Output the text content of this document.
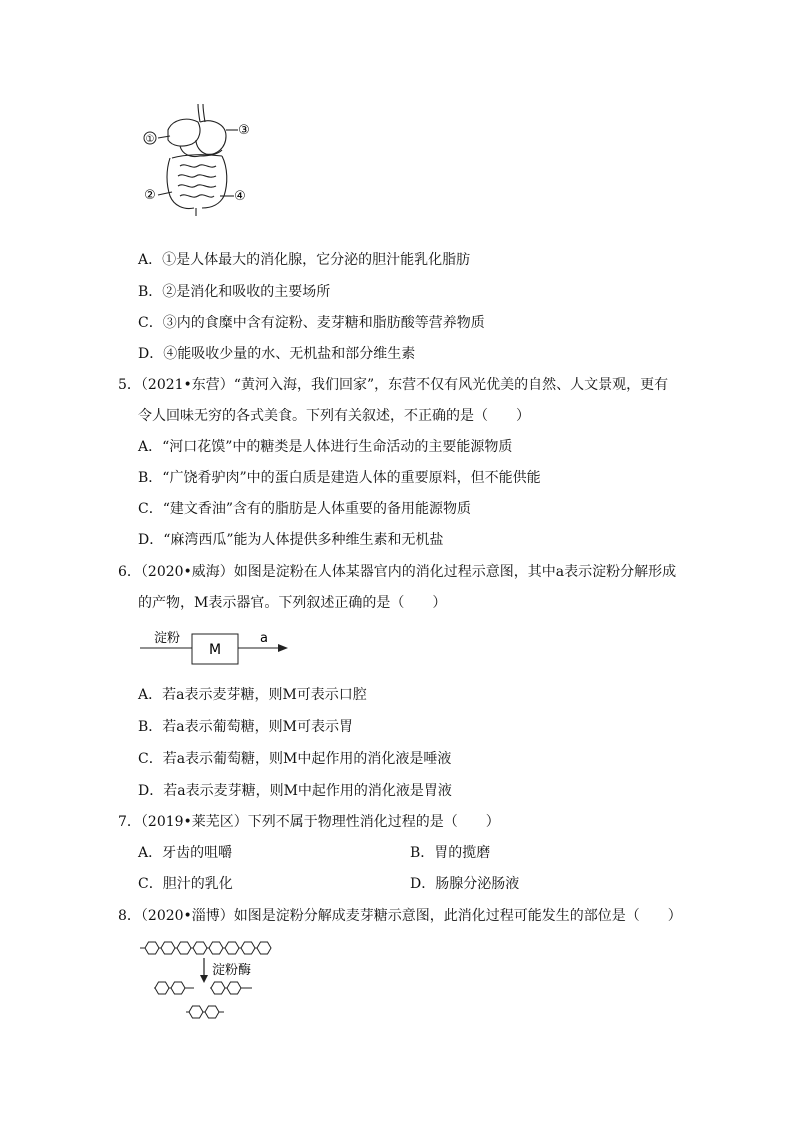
①
③
②	④
A．①是人体最大的消化腺，它分泌的胆汁能乳化脂肪
B．②是消化和吸收的主要场所
C．③内的食糜中含有淀粉、麦芽糖和脂肪酸等营养物质
D．④能吸收少量的水、无机盐和部分维生素
5．（2021•东营）“黄河入海，我们回家”，东营不仅有风光优美的自然、人文景观，更有
令人回味无穷的各式美食。下列有关叙述，不正确的是（　　）
A．“河口花馍”中的糖类是人体进行生命活动的主要能源物质
B．“广饶肴驴肉”中的蛋白质是建造人体的重要原料，但不能供能
C．“建文香油”含有的脂肪是人体重要的备用能源物质
D．“麻湾西瓜”能为人体提供多种维生素和无机盐
6．（2020•威海）如图是淀粉在人体某器官内的消化过程示意图，其中a表示淀粉分解形成
的产物，M表示器官。下列叙述正确的是（　　）
淀粉
M
a
A．若a表示麦芽糖，则M可表示口腔
B．若a表示葡萄糖，则M可表示胃
C．若a表示葡萄糖，则M中起作用的消化液是唾液
D．若a表示麦芽糖，则M中起作用的消化液是胃液
7．（2019•莱芜区）下列不属于物理性消化过程的是（　　）
A．牙齿的咀嚼	B．胃的揽磨
C．胆汁的乳化	D．肠腺分泌肠液
8．（2020•淄博）如图是淀粉分解成麦芽糖示意图，此消化过程可能发生的部位是（　　）
淀粉酶
